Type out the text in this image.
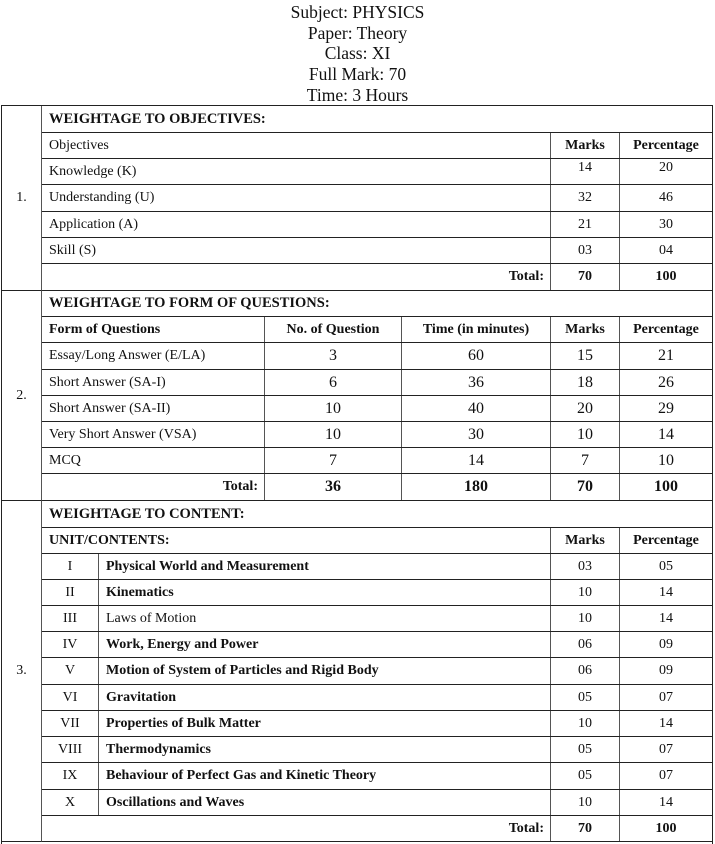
Subject: PHYSICS
Paper: Theory
Class: XI
Full Mark: 70
Time: 3 Hours
1.
WEIGHTAGE TO OBJECTIVES:
Objectives	Marks	Percentage
Knowledge (K)	14	20
Understanding (U)	32	46
Application (A)	21	30
Skill (S)	03	04
Total:	70	100
2.
WEIGHTAGE TO FORM OF QUESTIONS:
Form of Questions	No. of Question	Time (in minutes)	Marks	Percentage
Essay/Long Answer (E/LA)	3	60	15	21
Short Answer (SA-I)	6	36	18	26
Short Answer (SA-II)	10	40	20	29
Very Short Answer (VSA)	10	30	10	14
MCQ	7	14	7	10
Total:	36	180	70	100
3.
WEIGHTAGE TO CONTENT:
UNIT/CONTENTS:	Marks	Percentage
I	Physical World and Measurement	03	05
II	Kinematics	10	14
III	Laws of Motion	10	14
IV	Work, Energy and Power	06	09
V	Motion of System of Particles and Rigid Body	06	09
VI	Gravitation	05	07
VII	Properties of Bulk Matter	10	14
VIII	Thermodynamics	05	07
IX	Behaviour of Perfect Gas and Kinetic Theory	05	07
X	Oscillations and Waves	10	14
Total:	70	100
